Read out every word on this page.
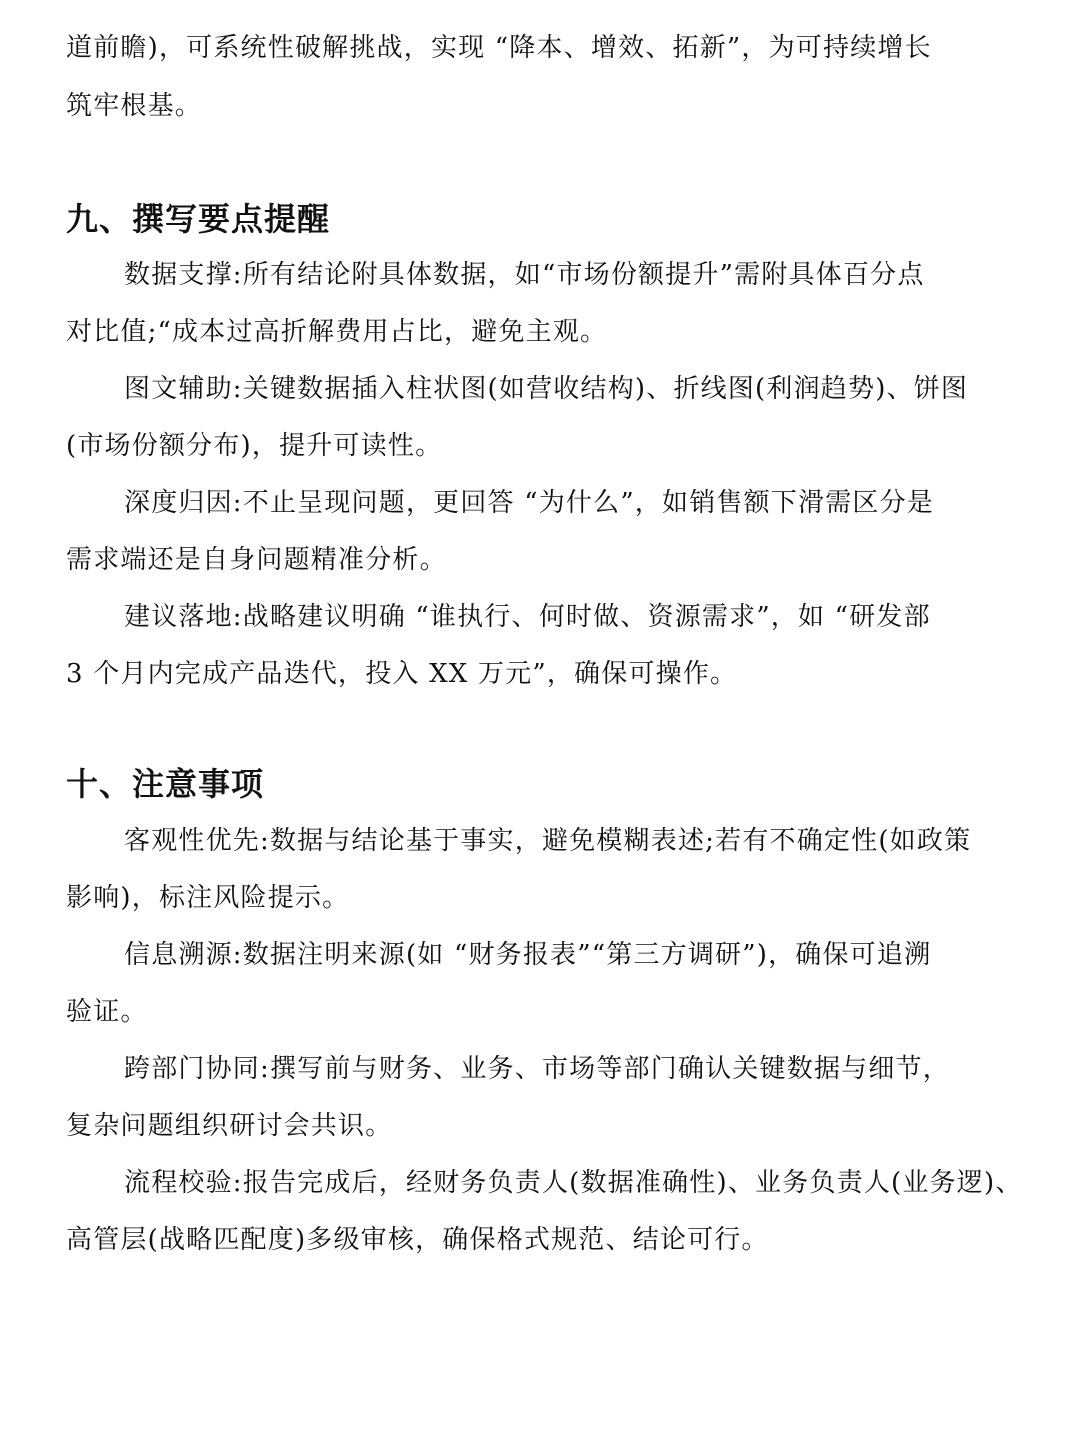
道前瞻)，可系统性破解挑战，实现 “降本、增效、拓新”，为可持续增长
筑牢根基。
九、撰写要点提醒
数据支撑:所有结论附具体数据，如“市场份额提升”需附具体百分点
对比值;“成本过高折解费用占比，避免主观。
图文辅助:关键数据插入柱状图(如营收结构)、折线图(利润趋势)、饼图
(市场份额分布)，提升可读性。
深度归因:不止呈现问题，更回答 “为什么”，如销售额下滑需区分是
需求端还是自身问题精准分析。
建议落地:战略建议明确 “谁执行、何时做、资源需求”，如 “研发部
3 个月内完成产品迭代，投入 XX 万元”，确保可操作。
十、注意事项
客观性优先:数据与结论基于事实，避免模糊表述;若有不确定性(如政策
影响)，标注风险提示。
信息溯源:数据注明来源(如 “财务报表”“第三方调研”)，确保可追溯
验证。
跨部门协同:撰写前与财务、业务、市场等部门确认关键数据与细节，
复杂问题组织研讨会共识。
流程校验:报告完成后，经财务负责人(数据准确性)、业务负责人(业务逻)、
高管层(战略匹配度)多级审核，确保格式规范、结论可行。
